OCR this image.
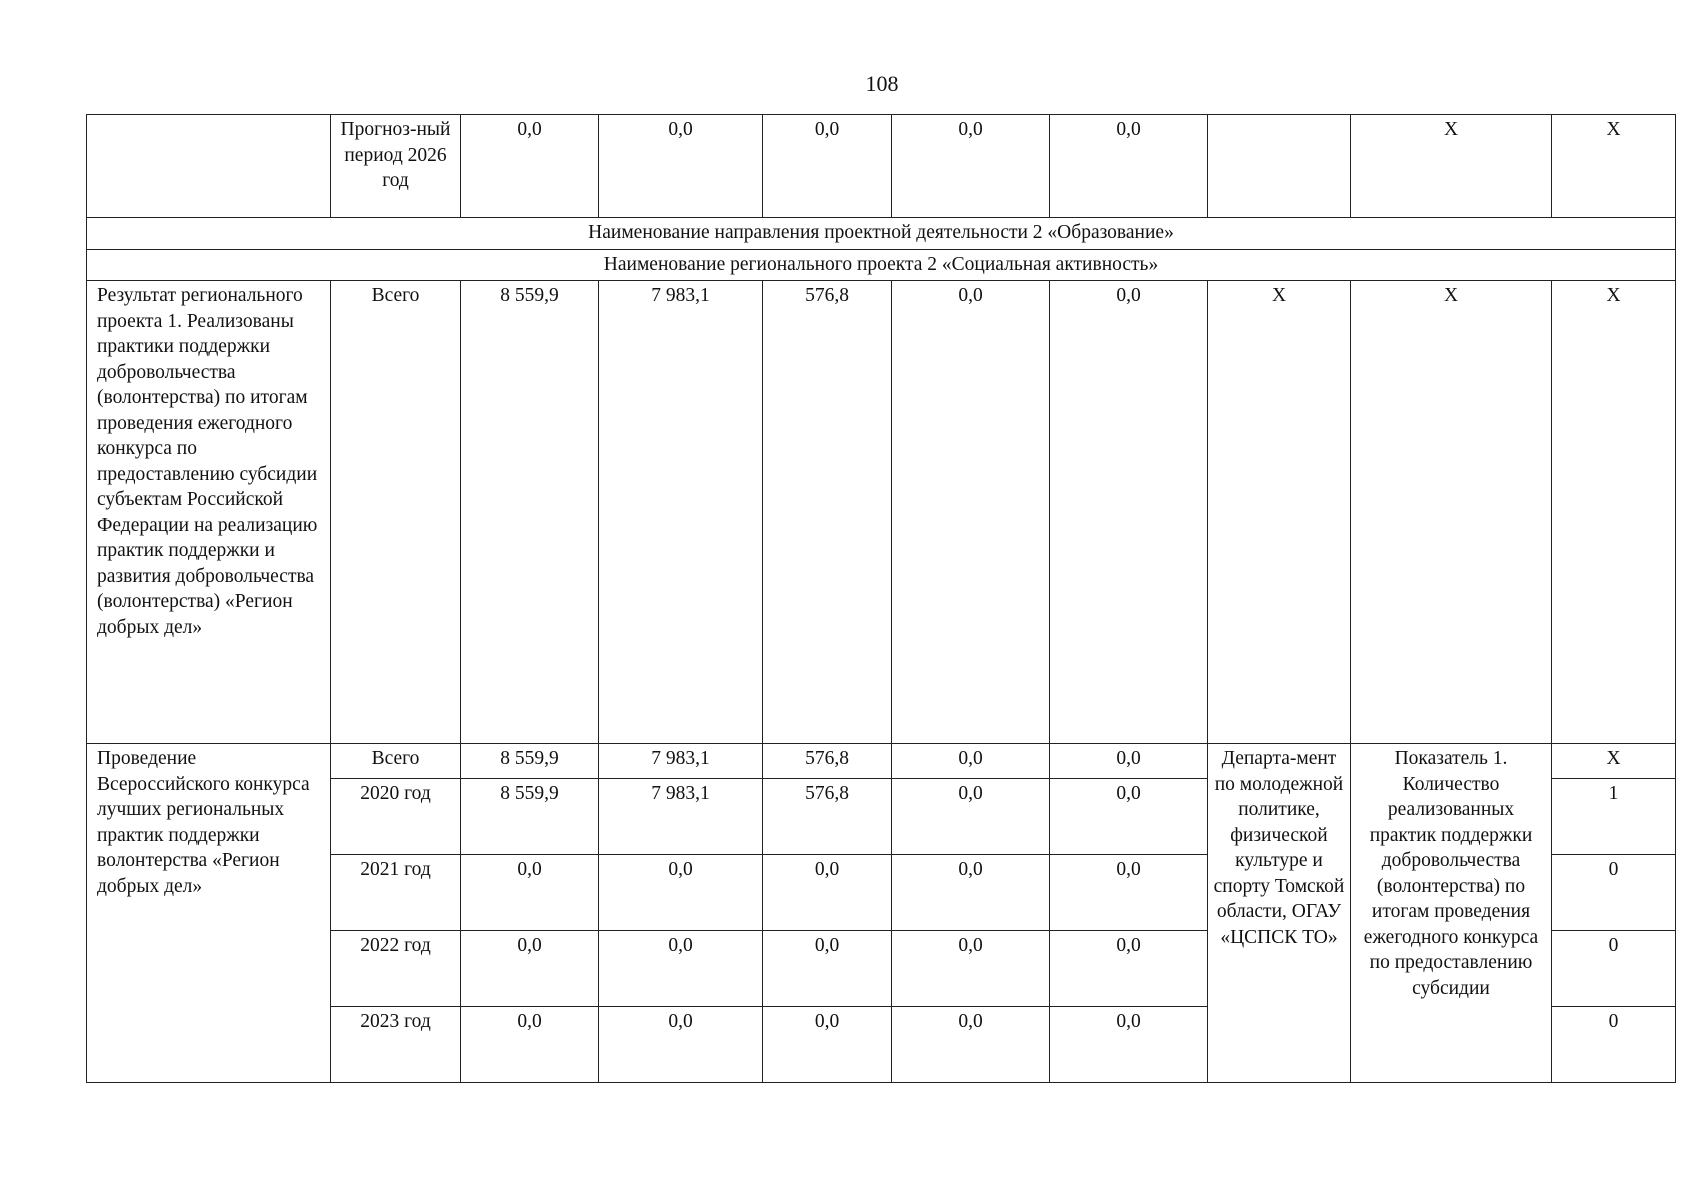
108
	Прогноз-ный период 2026 год	0,0	0,0	0,0	0,0	0,0		X	X
Наименование направления проектной деятельности 2 «Образование»									
Наименование регионального проекта 2 «Социальная активность»									
Результат регионального проекта 1. Реализованы практики поддержки добровольчества (волонтерства) по итогам проведения ежегодного конкурса по предоставлению субсидии субъектам Российской Федерации на реализацию практик поддержки и развития добровольчества (волонтерства) «Регион добрых дел»	Всего	8 559,9	7 983,1	576,8	0,0	0,0	X	X	X
Проведение Всероссийского конкурса лучших региональных практик поддержки волонтерства «Регион добрых дел»	Всего	8 559,9	7 983,1	576,8	0,0	0,0	Департа-мент по молодежной политике, физической культуре и спорту Томской области, ОГАУ «ЦСПСК ТО»	Показатель 1. Количество реализованных практик поддержки добровольчества (волонтерства) по итогам проведения ежегодного конкурса по предоставлению субсидии	X
	2020 год	8 559,9	7 983,1	576,8	0,0	0,0			1
	2021 год	0,0	0,0	0,0	0,0	0,0			0
	2022 год	0,0	0,0	0,0	0,0	0,0			0
	2023 год	0,0	0,0	0,0	0,0	0,0			0
